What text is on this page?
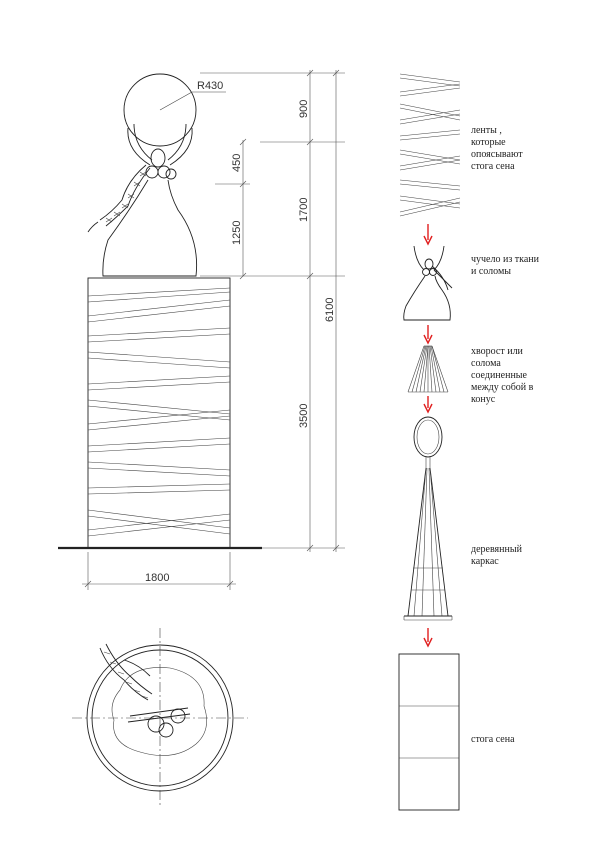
R430
1800
450
1250
900
1700
3500
6100
ленты , которые опоясывают стога сена
чучело из ткани и соломы
хворост или солома соединенные между собой в конус
деревянный каркас
стога сена
